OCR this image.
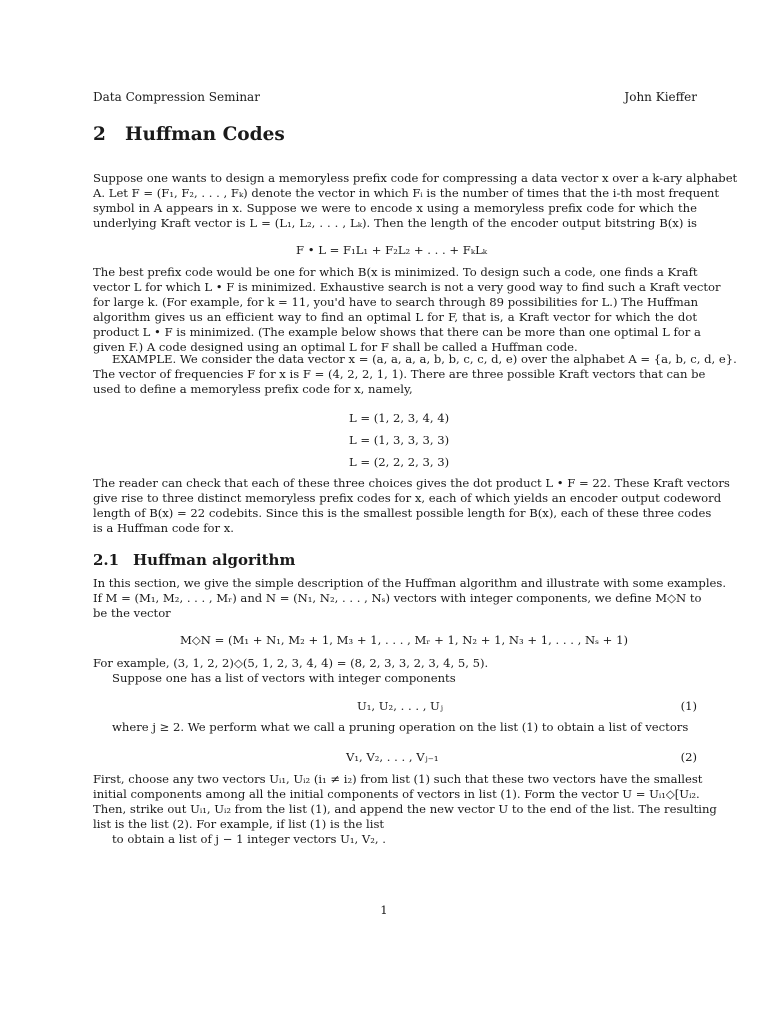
Data Compression Seminar	John Kieffer
2 Huffman Codes
Suppose one wants to design a memoryless prefix code for compressing a data vector x over a k-ary alphabet
A. Let F = (F₁, F₂, . . . , Fₖ) denote the vector in which Fᵢ is the number of times that the i-th most frequent
symbol in A appears in x. Suppose we were to encode x using a memoryless prefix code for which the
underlying Kraft vector is L = (L₁, L₂, . . . , Lₖ). Then the length of the encoder output bitstring B(x) is
F • L = F₁L₁ + F₂L₂ + . . . + FₖLₖ
The best prefix code would be one for which B(x is minimized. To design such a code, one finds a Kraft
vector L for which L • F is minimized. Exhaustive search is not a very good way to find such a Kraft vector
for large k. (For example, for k = 11, you'd have to search through 89 possibilities for L.) The Huffman
algorithm gives us an efficient way to find an optimal L for F, that is, a Kraft vector for which the dot
product L • F is minimized. (The example below shows that there can be more than one optimal L for a
given F.) A code designed using an optimal L for F shall be called a Huffman code.
EXAMPLE. We consider the data vector x = (a, a, a, a, b, b, c, c, d, e) over the alphabet A = {a, b, c, d, e}.
The vector of frequencies F for x is F = (4, 2, 2, 1, 1). There are three possible Kraft vectors that can be
used to define a memoryless prefix code for x, namely,
L = (1, 2, 3, 4, 4)
L = (1, 3, 3, 3, 3)
L = (2, 2, 2, 3, 3)
The reader can check that each of these three choices gives the dot product L • F = 22. These Kraft vectors
give rise to three distinct memoryless prefix codes for x, each of which yields an encoder output codeword
length of B(x) = 22 codebits. Since this is the smallest possible length for B(x), each of these three codes
is a Huffman code for x.
2.1 Huffman algorithm
In this section, we give the simple description of the Huffman algorithm and illustrate with some examples.
If M = (M₁, M₂, . . . , Mᵣ) and N = (N₁, N₂, . . . , Nₛ) vectors with integer components, we define M◇N to
be the vector
M◇N = (M₁ + N₁, M₂ + 1, M₃ + 1, . . . , Mᵣ + 1, N₂ + 1, N₃ + 1, . . . , Nₛ + 1)
For example, (3, 1, 2, 2)◇(5, 1, 2, 3, 4, 4) = (8, 2, 3, 3, 2, 3, 4, 5, 5).
Suppose one has a list of vectors with integer components
U₁, U₂, . . . , Uⱼ	(1)
where j ≥ 2. We perform what we call a pruning operation on the list (1) to obtain a list of vectors
V₁, V₂, . . . , Vⱼ₋₁	(2)
First, choose any two vectors Uᵢ₁, Uᵢ₂ (i₁ ≠ i₂) from list (1) such that these two vectors have the smallest
initial components among all the initial components of vectors in list (1). Form the vector U = Uᵢ₁◇[Uᵢ₂.
Then, strike out Uᵢ₁, Uᵢ₂ from the list (1), and append the new vector U to the end of the list. The resulting
list is the list (2). For example, if list (1) is the list
to obtain a list of j − 1 integer vectors U₁, V₂, .
1
